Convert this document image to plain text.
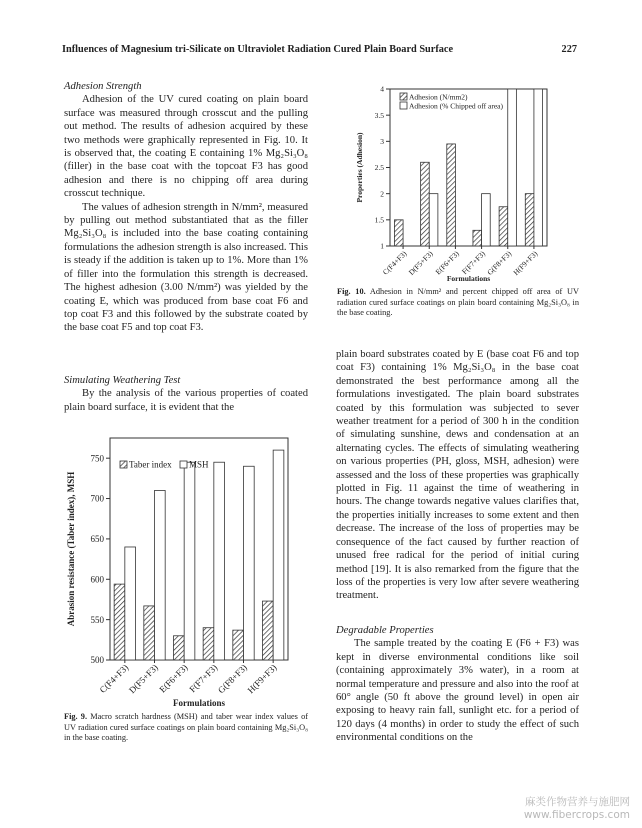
Influences of Magnesium tri-Silicate on Ultraviolet Radiation Cured Plain Board Surface	227

Adhesion Strength

Adhesion of the UV cured coating on plain board surface was measured through crosscut and the pulling out method. The results of adhesion acquired by these two methods were graphically represented in Fig. 10. It is observed that, the coating E containing 1% Mg₂Si₃O₈ (filler) in the base coat with the topcoat F3 has good adhesion and there is no chipping off area during crosscut technique.

The values of adhesion strength in N/mm², measured by pulling out method substantiated that as the filler Mg₂Si₃O₈ is included into the base coating containing formulations the adhesion strength is also increased. This is steady if the addition is taken up to 1%. More than 1% of filler into the formulation this strength is decreased. The highest adhesion (3.00 N/mm²) was yielded by the coating E, which was produced from base coat F6 and top coat F3 and this followed by the substrate coated by the base coat F5 and top coat F3.

Simulating Weathering Test

By the analysis of the various properties of coated plain board surface, it is evident that the

500
550
600
650
700
750
C(F4+F3)
D(F5+F3)
E(F6+F3)
F(F7+F3)
G(F8+F3)
H(F9+F3)
Formulations
Abrasion resistance (Taber index), MSH
Taber index MSH
Fig. 9. Macro scratch hardness (MSH) and taber wear index values of UV radiation cured surface coatings on plain board containing Mg₂Si₃O₈ in the base coating.
1
1.5
2
2.5
3
3.5
4
C(F4+F3)
D(F5+F3)
E(F6+F3) F(F7+F3)
G(F8+F3)
H(F9+F3)
Formulations
Properties (Adhesion)
Adhesion (N/mm2)
Adhesion (% Chipped off area)
Fig. 10. Adhesion in N/mm² and percent chipped off area of UV radiation cured surface coatings on plain board containing Mg₂Si₃O₈ in the base coating.

plain board substrates coated by E (base coat F6 and top coat F3) containing 1% Mg₂Si₃O₈ in the base coat demonstrated the best performance among all the formulations investigated. The plain board substrates coated by this formulation was subjected to sever weather treatment for a period of 300 h in the condition of simulating sunshine, dews and condensation at an alternating cycles. The effects of simulating weathering on various properties (PH, gloss, MSH, adhesion) were assessed and the loss of these properties was graphically plotted in Fig. 11 against the time of weathering in hours. The change towards negative values clarifies that, the properties initially increases to some extent and then decrease. The increase of the loss of properties may be consequence of the fact caused by further reaction of unused free radical for the period of initial curing method [19]. It is also remarked from the figure that the loss of the properties is very low after severe weathering treatment.

Degradable Properties

The sample treated by the coating E (F6 + F3) was kept in diverse environmental conditions like soil (containing approximately 3% water), in a room at normal temperature and pressure and also into the roof at 60° angle (50 ft above the ground level) in open air exposing to heavy rain fall, sunlight etc. for a period of 120 days (4 months) in order to study the effect of such environmental conditions on the

麻类作物营养与施肥网
www.fibercrops.com
